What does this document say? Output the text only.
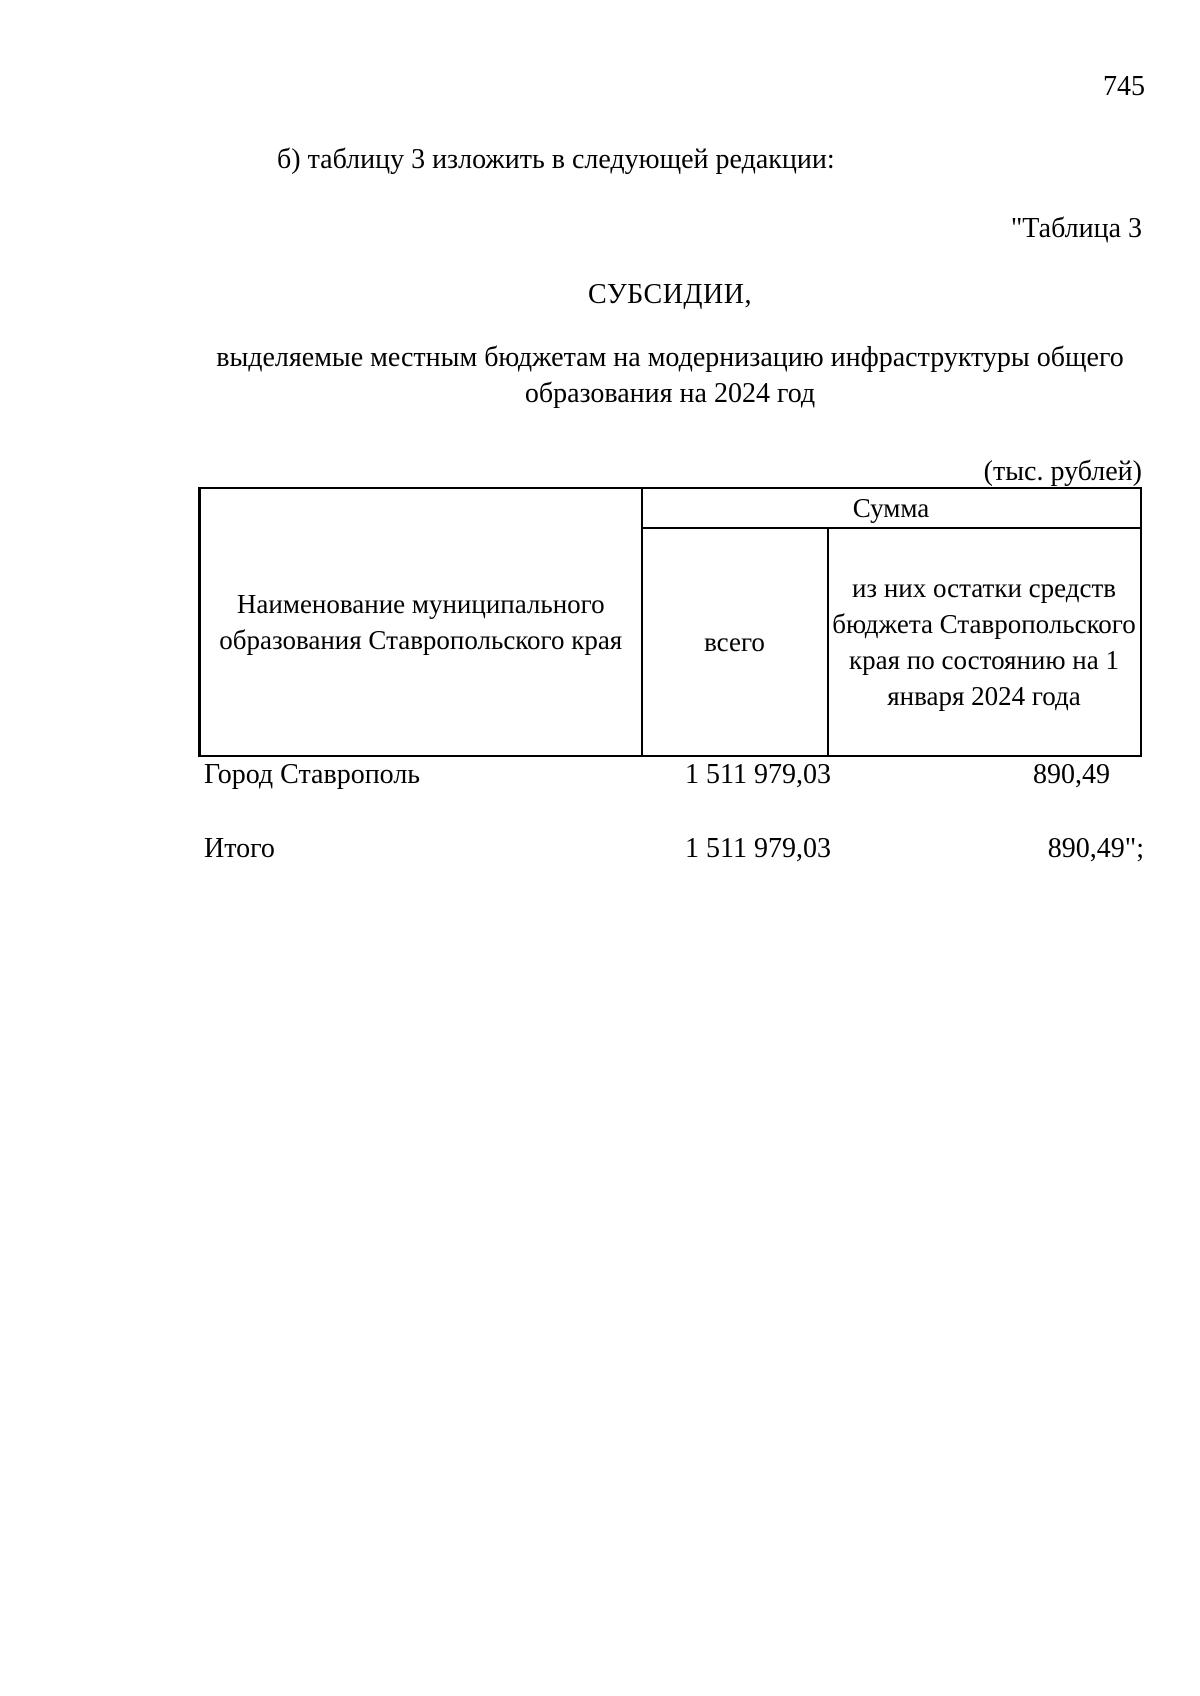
745
б) таблицу 3 изложить в следующей редакции:
"Таблица 3
СУБСИДИИ,
выделяемые местным бюджетам на модернизацию инфраструктуры общего образования на 2024 год
(тыс. рублей)
Наименование муниципального образования Ставропольского края	Сумма	
	всего	из них остатки средств бюджета Ставропольского края по состоянию на 1 января 2024 года
Город Ставрополь	1 511 979,03	890,49
Итого	1 511 979,03	890,49";
